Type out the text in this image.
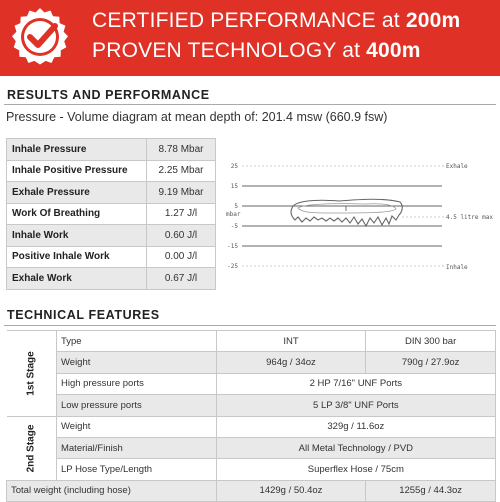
CERTIFIED PERFORMANCE at 200m
PROVEN TECHNOLOGY at 400m
RESULTS AND PERFORMANCE
Pressure - Volume diagram at mean depth of: 201.4 msw (660.9 fsw)
Inhale Pressure	8.78 Mbar
Inhale Positive Pressure	2.25 Mbar
Exhale Pressure	9.19 Mbar
Work Of Breathing	1.27 J/l
Inhale Work	0.60 J/l
Positive Inhale Work	0.00 J/l
Exhale Work	0.67 J/l
mbar
25
15
5
-5
-15
-25
Exhale
4.5 litre max
Inhale
TECHNICAL FEATURES
1st Stage	Type	INT	DIN 300 bar
	Weight	964g / 34oz	790g / 27.9oz
	High pressure ports	2 HP 7/16" UNF Ports	
	Low pressure ports	5 LP 3/8" UNF Ports	
2nd Stage	Weight	329g / 11.6oz	
	Material/Finish	All Metal Technology / PVD	
	LP Hose Type/Length	Superflex Hose / 75cm	
Total weight (including hose)		1429g / 50.4oz	1255g / 44.3oz
